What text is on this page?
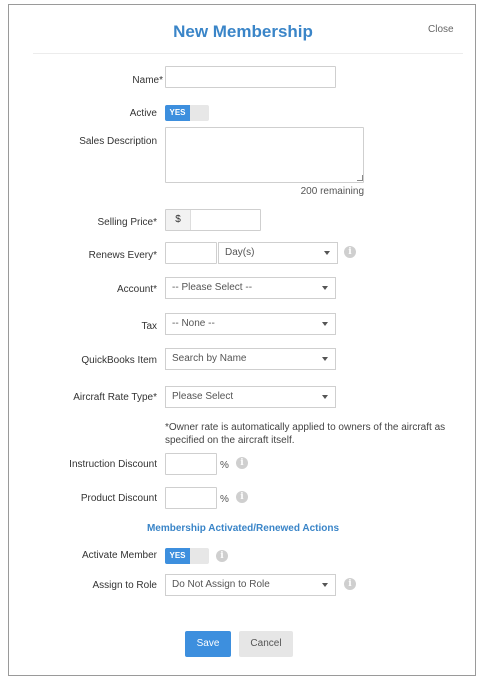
New Membership	Close
Name*
Active	YES
Sales Description
200 remaining
Selling Price*	$
Renews Every*	Day(s)	i
Account*	-- Please Select --
Tax	-- None --
QuickBooks Item	Search by Name
Aircraft Rate Type*	Please Select
*Owner rate is automatically applied to owners of the aircraft as specified on the aircraft itself.
Instruction Discount	%	i
Product Discount	%	i
Membership Activated/Renewed Actions
Activate Member	YES	i
Assign to Role	Do Not Assign to Role	i
Save	Cancel
